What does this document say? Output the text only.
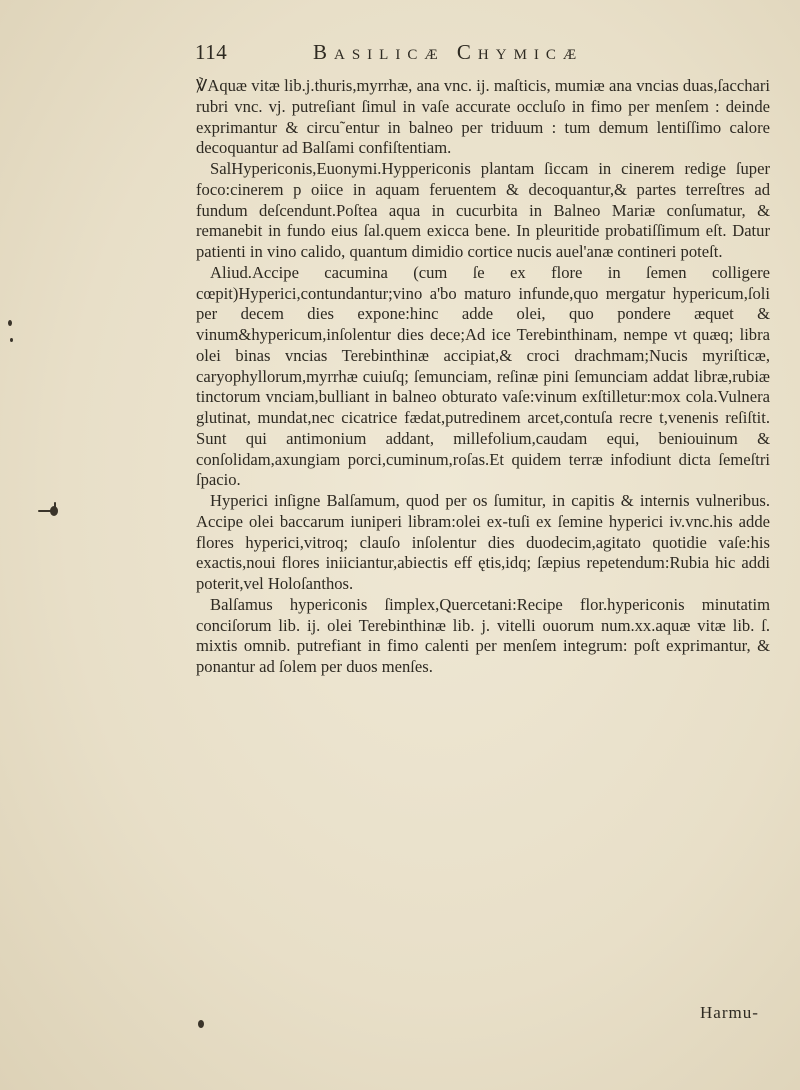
114	Basilicæ Chymicæ

℣Aquæ vitæ lib.j.thuris,myrrhæ, ana vnc. ij. maſticis, mumiæ ana vncias duas,ſacchari rubri vnc. vj. putreſiant ſimul in vaſe accurate occluſo in fimo per menſem : deinde exprimantur & circu˜entur in balneo per triduum : tum demum lentiſſimo calore decoquantur ad Balſami confiſtentiam.

SalHypericonis,Euonymi.Hyppericonis plantam ſiccam in cinerem redige ſuper foco:cinerem p oiice in aquam feruentem & decoquantur,& partes terreſtres ad fundum deſcendunt.Poſtea aqua in cucurbita in Balneo Mariæ conſumatur, & remanebit in fundo eius ſal.quem exicca bene. In pleuritide probatiſſimum eſt. Datur patienti in vino calido, quantum dimidio cortice nucis auel'anæ contineri poteſt.

Aliud.Accipe cacumina (cum ſe ex flore in ſemen colligere cœpit)Hyperici,contundantur;vino a'bo maturo infunde,quo mergatur hypericum,ſoli per decem dies expone:hinc adde olei, quo pondere æquet & vinum&hypericum,inſolentur dies dece;Ad ice Terebinthinam, nempe vt quæq; libra olei binas vncias Terebinthinæ accipiat,& croci drachmam;Nucis myriſticæ, caryophyllorum,myrrhæ cuiuſq; ſemunciam, reſinæ pini ſemunciam addat libræ,rubiæ tinctorum vnciam,bulliant in balneo obturato vaſe:vinum exſtilletur:mox cola.Vulnera glutinat, mundat,nec cicatrice fædat,putredinem arcet,contuſa recre t,venenis reſiſtit. Sunt qui antimonium addant, millefolium,caudam equi, beniouinum & conſolidam,axungiam porci,cuminum,roſas.Et quidem terræ infodiunt dicta ſemeſtri ſpacio.

Hyperici inſigne Balſamum, quod per os ſumitur, in capitis & internis vulneribus. Accipe olei baccarum iuniperi libram:olei ex-tuſi ex ſemine hyperici iv.vnc.his adde flores hyperici,vitroq; clauſo inſolentur dies duodecim,agitato quotidie vaſe:his exactis,noui flores iniiciantur,abiectis eff ętis,idq; ſæpius repetendum:Rubia hic addi poterit,vel Holoſanthos.

Balſamus hypericonis ſimplex,Quercetani:Recipe flor.hypericonis minutatim conciſorum lib. ij. olei Terebinthinæ lib. j. vitelli ouorum num.xx.aquæ vitæ lib. ſ. mixtis omnib. putrefiant in fimo calenti per menſem integrum: poſt exprimantur, & ponantur ad ſolem per duos menſes.

Harmu-
